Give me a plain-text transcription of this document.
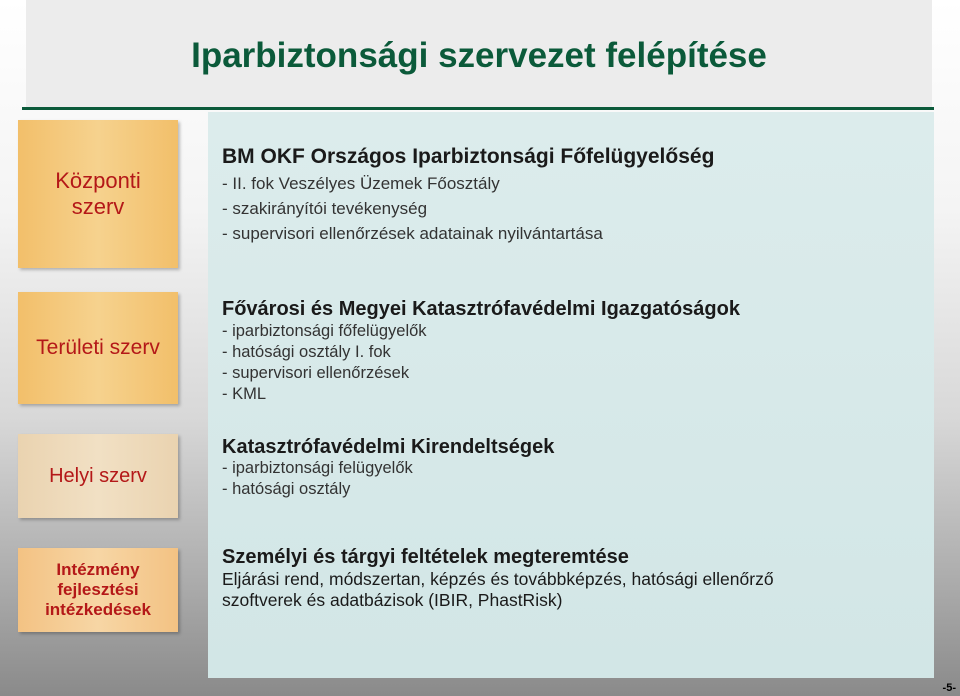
Iparbiztonsági szervezet felépítése
Központi
szerv
Területi szerv
Helyi szerv
Intézmény
fejlesztési
intézkedések
BM OKF Országos Iparbiztonsági Főfelügyelőség
- II. fok Veszélyes Üzemek Főosztály
- szakirányítói tevékenység
- supervisori ellenőrzések adatainak nyilvántartása
Fővárosi és Megyei Katasztrófavédelmi Igazgatóságok
- iparbiztonsági főfelügyelők
- hatósági osztály I. fok
- supervisori ellenőrzések
- KML
Katasztrófavédelmi Kirendeltségek
- iparbiztonsági felügyelők
- hatósági osztály
Személyi és tárgyi feltételek megteremtése
Eljárási rend, módszertan, képzés és továbbképzés, hatósági ellenőrző
szoftverek és adatbázisok (IBIR, PhastRisk)
-5-
